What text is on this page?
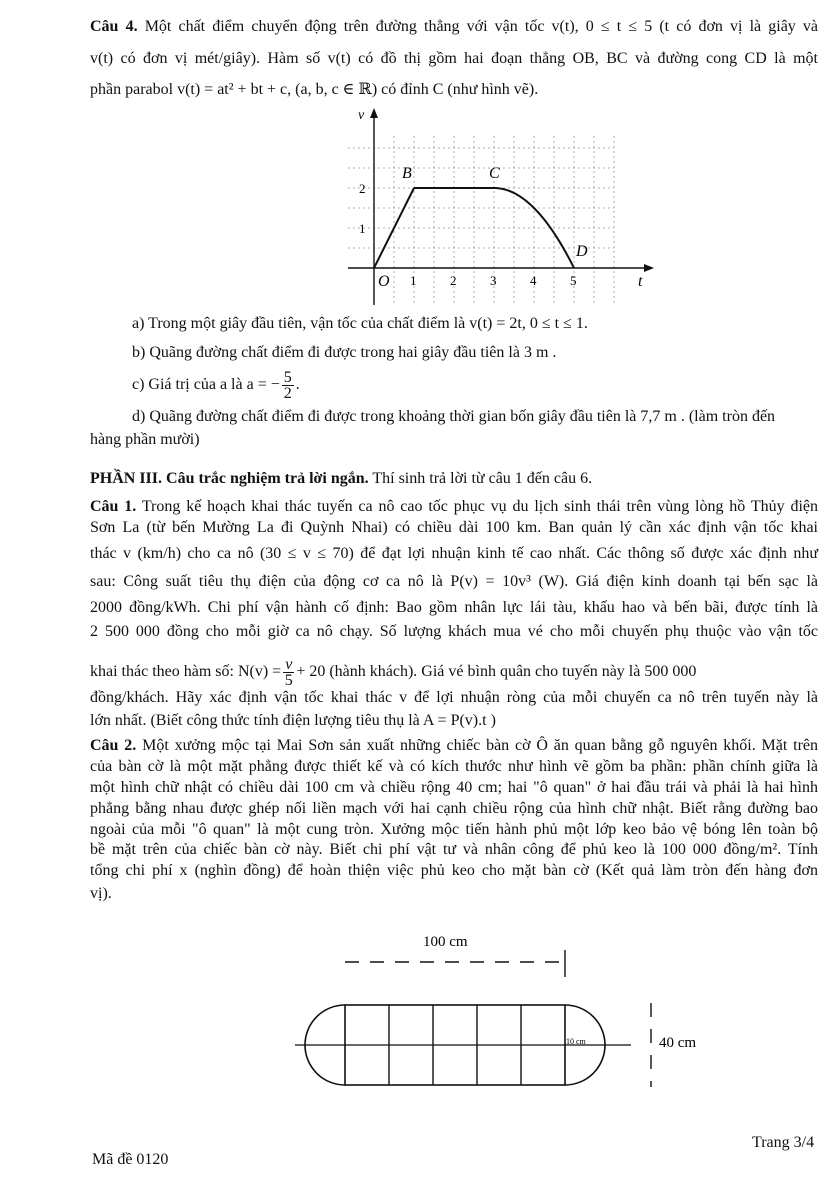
Câu 4. Một chất điểm chuyển động trên đường thẳng với vận tốc v(t), 0 ≤ t ≤ 5 (t có đơn vị là giây và
v(t) có đơn vị mét/giây). Hàm số v(t) có đồ thị gồm hai đoạn thẳng OB, BC và đường cong CD là một
phần parabol v(t) = at² + bt + c, (a, b, c ∈ ℝ) có đỉnh C (như hình vẽ).
v
t
1	2	3	4	5
1
2
O
B	C
D
a) Trong một giây đầu tiên, vận tốc của chất điểm là v(t) = 2t, 0 ≤ t ≤ 1.
b) Quãng đường chất điểm đi được trong hai giây đầu tiên là 3 m .
c) Giá trị của a là a = − $\frac{5}{2}$ .
d) Quãng đường chất điểm đi được trong khoảng thời gian bốn giây đầu tiên là 7,7 m . (làm tròn đến
hàng phần mười)
PHẦN III. Câu trắc nghiệm trả lời ngắn. Thí sinh trả lời từ câu 1 đến câu 6.
Câu 1. Trong kế hoạch khai thác tuyến ca nô cao tốc phục vụ du lịch sinh thái trên vùng lòng hồ Thủy điện
Sơn La (từ bến Mường La đi Quỳnh Nhai) có chiều dài 100 km. Ban quản lý cần xác định vận tốc khai
thác v (km/h) cho ca nô (30 ≤ v ≤ 70) để đạt lợi nhuận kinh tế cao nhất. Các thông số được xác định như
sau: Công suất tiêu thụ điện của động cơ ca nô là P(v) = 10v³ (W). Giá điện kinh doanh tại bến sạc là
2000 đồng/kWh. Chi phí vận hành cố định: Bao gồm nhân lực lái tàu, khấu hao và bến bãi, được tính là
2 500 000 đồng cho mỗi giờ ca nô chạy. Số lượng khách mua vé cho mỗi chuyến phụ thuộc vào vận tốc
khai thác theo hàm số: $N(v) = \frac{v}{5} + 20$ (hành khách). Giá vé bình quân cho tuyến này là 500 000
đồng/khách. Hãy xác định vận tốc khai thác v để lợi nhuận ròng của mỗi chuyến ca nô trên tuyến này là
lớn nhất. (Biết công thức tính điện lượng tiêu thụ là A = P(v).t )
Câu 2. Một xưởng mộc tại Mai Sơn sản xuất những chiếc bàn cờ Ô ăn quan bằng gỗ nguyên khối. Mặt trên
của bàn cờ là một mặt phẳng được thiết kế và có kích thước như hình vẽ gồm ba phần: phần chính giữa là
một hình chữ nhật có chiều dài 100 cm và chiều rộng 40 cm; hai "ô quan" ở hai đầu trái và phải là hai hình
phẳng bằng nhau được ghép nối liền mạch với hai cạnh chiều rộng của hình chữ nhật. Biết rằng đường bao
ngoài của mỗi "ô quan" là một cung tròn. Xưởng mộc tiến hành phủ một lớp keo bảo vệ bóng lên toàn bộ
bề mặt trên của chiếc bàn cờ này. Biết chi phí vật tư và nhân công để phủ keo là 100 000 đồng/m². Tính
tổng chi phí x (nghìn đồng) để hoàn thiện việc phủ keo cho mặt bàn cờ (Kết quả làm tròn đến hàng đơn
vị).
100 cm
10 cm	40 cm
Trang 3/4
Mã đề 0120
